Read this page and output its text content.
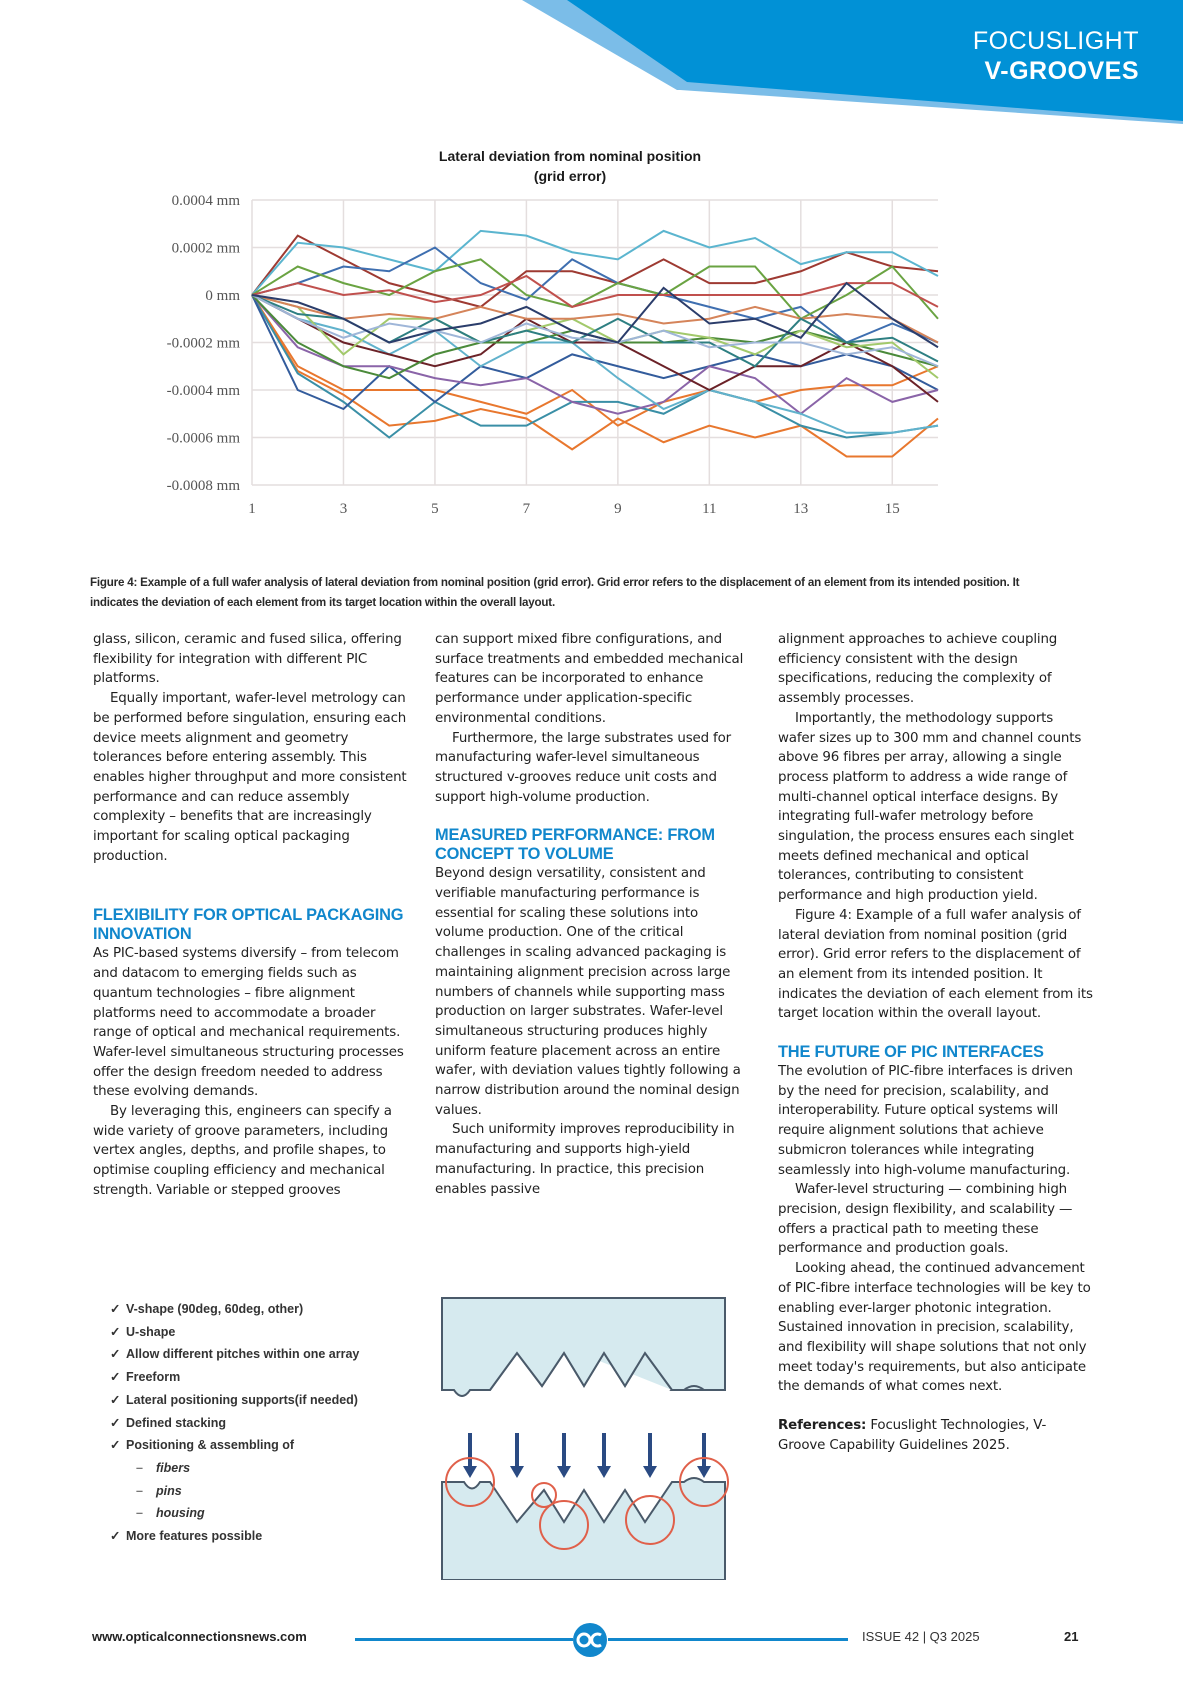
FOCUSLIGHT
V-GROOVES
0.0004 mm
0.0002 mm
0 mm
-0.0002 mm
-0.0004 mm
-0.0006 mm
-0.0008 mm
1	3	5	7	9	11	13	15
Lateral deviation from nominal position
(grid error)
Figure 4: Example of a full wafer analysis of lateral deviation from nominal position (grid error). Grid error refers to the displacement of an element from its intended position. It indicates the deviation of each element from its target location within the overall layout.

glass, silicon, ceramic and fused silica, offering flexibility for integration with different PIC platforms.

Equally important, wafer-level metrology can be performed before singulation, ensuring each device meets alignment and geometry tolerances before entering assembly. This enables higher throughput and more consistent performance and can reduce assembly complexity – benefits that are increasingly important for scaling optical packaging production.

FLEXIBILITY FOR OPTICAL PACKAGING INNOVATION

As PIC-based systems diversify – from telecom and datacom to emerging fields such as quantum technologies – fibre alignment platforms need to accommodate a broader range of optical and mechanical requirements. Wafer-level simultaneous structuring processes offer the design freedom needed to address these evolving demands.

By leveraging this, engineers can specify a wide variety of groove parameters, including vertex angles, depths, and profile shapes, to optimise coupling efficiency and mechanical strength. Variable or stepped grooves

can support mixed fibre configurations, and surface treatments and embedded mechanical features can be incorporated to enhance performance under application-specific environmental conditions.

Furthermore, the large substrates used for manufacturing wafer-level simultaneous structured v-grooves reduce unit costs and support high-volume production.

MEASURED PERFORMANCE: FROM CONCEPT TO VOLUME

Beyond design versatility, consistent and verifiable manufacturing performance is essential for scaling these solutions into volume production. One of the critical challenges in scaling advanced packaging is maintaining alignment precision across large numbers of channels while supporting mass production on larger substrates. Wafer-level simultaneous structuring produces highly uniform feature placement across an entire wafer, with deviation values tightly following a narrow distribution around the nominal design values.

Such uniformity improves reproducibility in manufacturing and supports high-yield manufacturing. In practice, this precision enables passive

alignment approaches to achieve coupling efficiency consistent with the design specifications, reducing the complexity of assembly processes.

Importantly, the methodology supports wafer sizes up to 300 mm and channel counts above 96 fibres per array, allowing a single process platform to address a wide range of multi-channel optical interface designs. By integrating full-wafer metrology before singulation, the process ensures each singlet meets defined mechanical and optical tolerances, contributing to consistent performance and high production yield.

Figure 4: Example of a full wafer analysis of lateral deviation from nominal position (grid error). Grid error refers to the displacement of an element from its intended position. It indicates the deviation of each element from its target location within the overall layout.

THE FUTURE OF PIC INTERFACES

The evolution of PIC-fibre interfaces is driven by the need for precision, scalability, and interoperability. Future optical systems will require alignment solutions that achieve submicron tolerances while integrating seamlessly into high-volume manufacturing.

Wafer-level structuring — combining high precision, design flexibility, and scalability — offers a practical path to meeting these performance and production goals.

Looking ahead, the continued advancement of PIC-fibre interface technologies will be key to enabling ever-larger photonic integration. Sustained innovation in precision, scalability, and flexibility will shape solutions that not only meet today's requirements, but also anticipate the demands of what comes next.

References: Focuslight Technologies, V-Groove Capability Guidelines 2025.

✓ V-shape (90deg, 60deg, other)
✓ U-shape
✓ Allow different pitches within one array
✓ Freeform
✓ Lateral positioning supports(if needed)
✓ Defined stacking
✓ Positioning & assembling of
– fibers
– pins
– housing
✓ More features possible
www.opticalconnectionsnews.com	ISSUE 42 | Q3 2025	21
